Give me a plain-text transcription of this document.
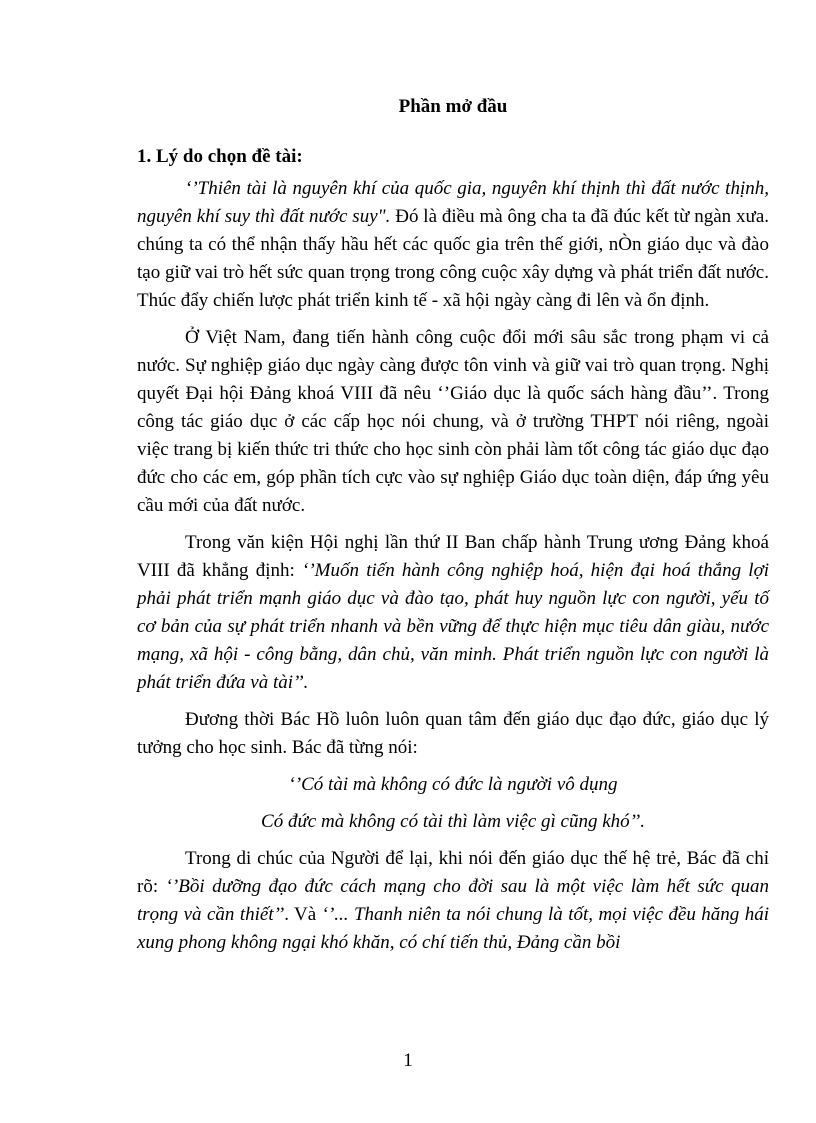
Phần mở đầu
1. Lý do chọn đề tài:

‘’Thiên tài là nguyên khí của quốc gia, nguyên khí thịnh thì đất nước thịnh, nguyên khí suy thì đất nước suy". Đó là điều mà ông cha ta đã đúc kết từ ngàn xưa. chúng ta có thể nhận thấy hầu hết các quốc gia trên thế giới, nÒn giáo dục và đào tạo giữ vai trò hết sức quan trọng trong công cuộc xây dựng và phát triển đất nước. Thúc đẩy chiến lược phát triển kinh tế - xã hội ngày càng đi lên và ổn định.

Ở Việt Nam, đang tiến hành công cuộc đổi mới sâu sắc trong phạm vi cả nước. Sự nghiệp giáo dục ngày càng được tôn vinh và giữ vai trò quan trọng. Nghị quyết Đại hội Đảng khoá VIII đã nêu ‘’Giáo dục là quốc sách hàng đầu’’. Trong công tác giáo dục ở các cấp học nói chung, và ở trường THPT nói riêng, ngoài việc trang bị kiến thức tri thức cho học sinh còn phải làm tốt công tác giáo dục đạo đức cho các em, góp phần tích cực vào sự nghiệp Giáo dục toàn diện, đáp ứng yêu cầu mới của đất nước.

Trong văn kiện Hội nghị lần thứ II Ban chấp hành Trung ương Đảng khoá VIII đã khẳng định: ‘’Muốn tiến hành công nghiệp hoá, hiện đại hoá thắng lợi phải phát triển mạnh giáo dục và đào tạo, phát huy nguồn lực con người, yếu tố cơ bản của sự phát triển nhanh và bền vững để thực hiện mục tiêu dân giàu, nước mạng, xã hội - công bằng, dân chủ, văn minh. Phát triển nguồn lực con người là phát triển đứa và tài’’.

Đương thời Bác Hồ luôn luôn quan tâm đến giáo dục đạo đức, giáo dục lý tưởng cho học sinh. Bác đã từng nói:

‘’Có tài mà không có đức là người vô dụng

Có đức mà không có tài thì làm việc gì cũng khó’’.

Trong di chúc của Người để lại, khi nói đến giáo dục thế hệ trẻ, Bác đã chỉ rõ: ‘’Bồi dưỡng đạo đức cách mạng cho đời sau là một việc làm hết sức quan trọng và cần thiết’’. Và ‘’... Thanh niên ta nói chung là tốt, mọi việc đều hăng hái xung phong không ngại khó khăn, có chí tiến thủ, Đảng cần bồi

1
